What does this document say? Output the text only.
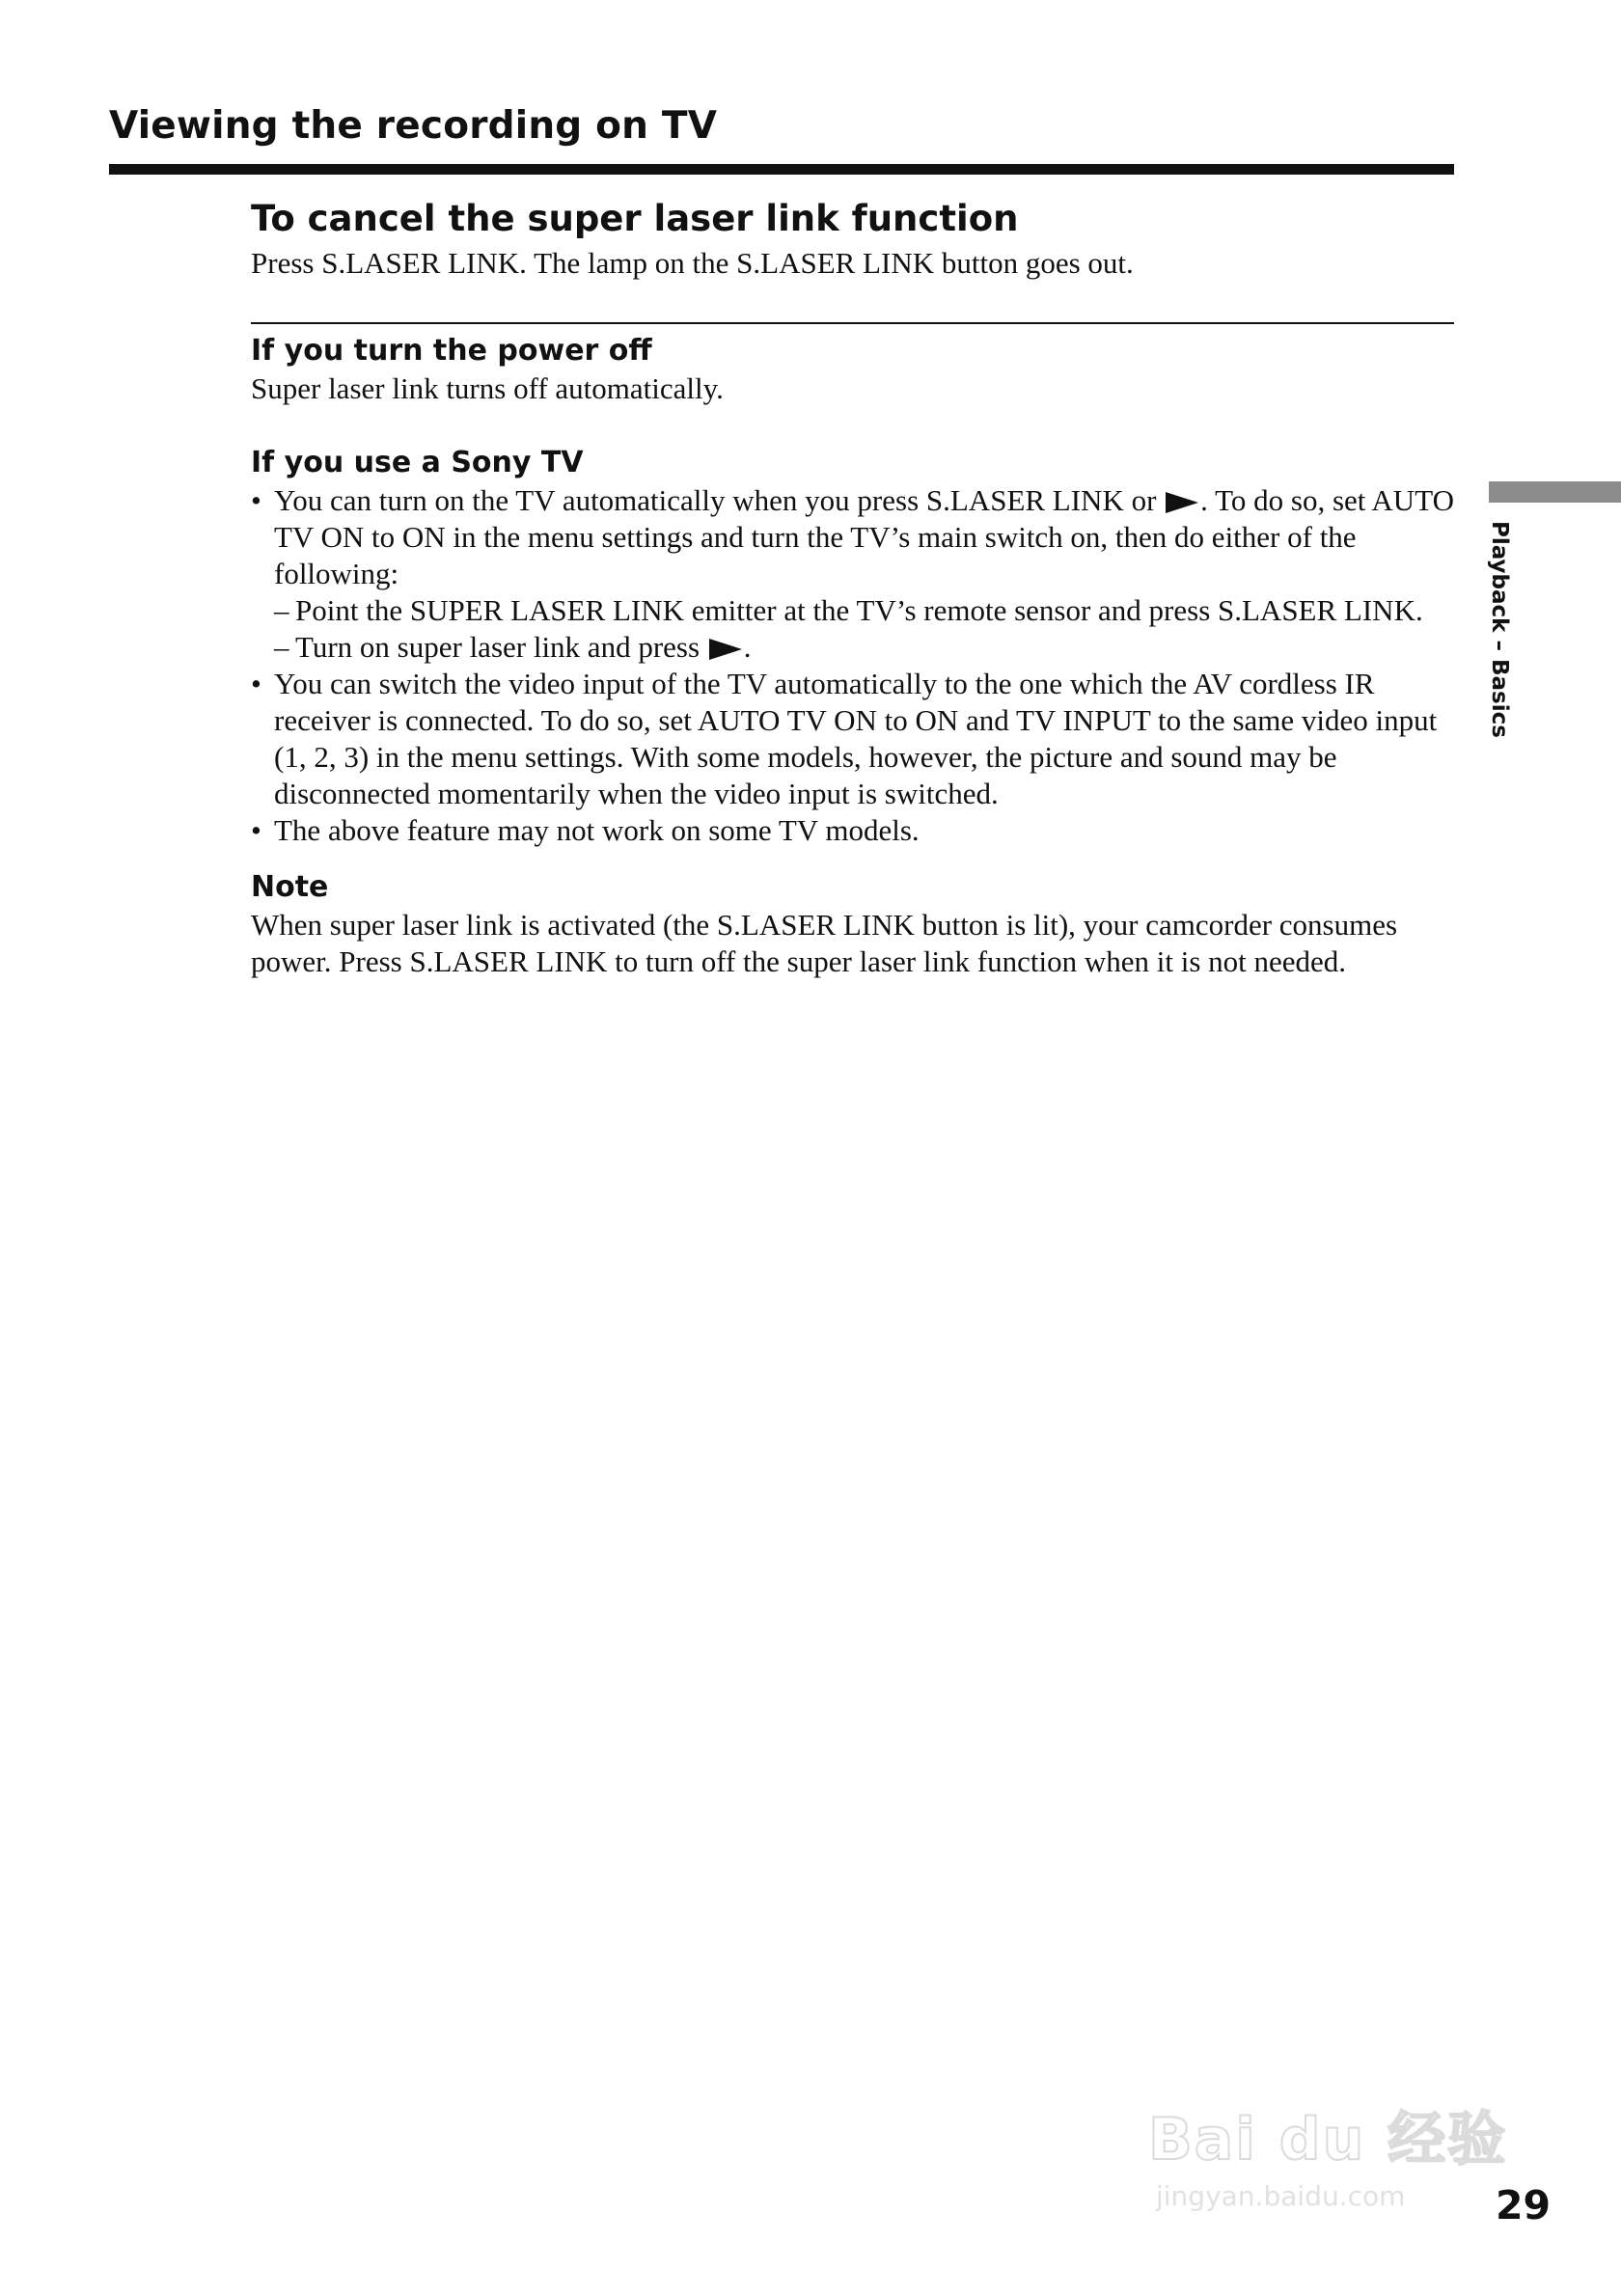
Viewing the recording on TV
To cancel the super laser link function

Press S.LASER LINK. The lamp on the S.LASER LINK button goes out.

If you turn the power off

Super laser link turns off automatically.

If you use a Sony TV
• You can turn on the TV automatically when you press S.LASER LINK or . To do so, set AUTO TV ON to ON in the menu settings and turn the TV’s main switch on, then do either of the following:
– Point the SUPER LASER LINK emitter at the TV’s remote sensor and press S.LASER LINK.
– Turn on super laser link and press .
• You can switch the video input of the TV automatically to the one which the AV cordless IR receiver is connected. To do so, set AUTO TV ON to ON and TV INPUT to the same video input (1, 2, 3) in the menu settings. With some models, however, the picture and sound may be disconnected momentarily when the video input is switched.
• The above feature may not work on some TV models.
Note

When super laser link is activated (the S.LASER LINK button is lit), your camcorder consumes power. Press S.LASER LINK to turn off the super laser link function when it is not needed.

Playback – Basics
Bai du 经验
jingyan.baidu.com 29
